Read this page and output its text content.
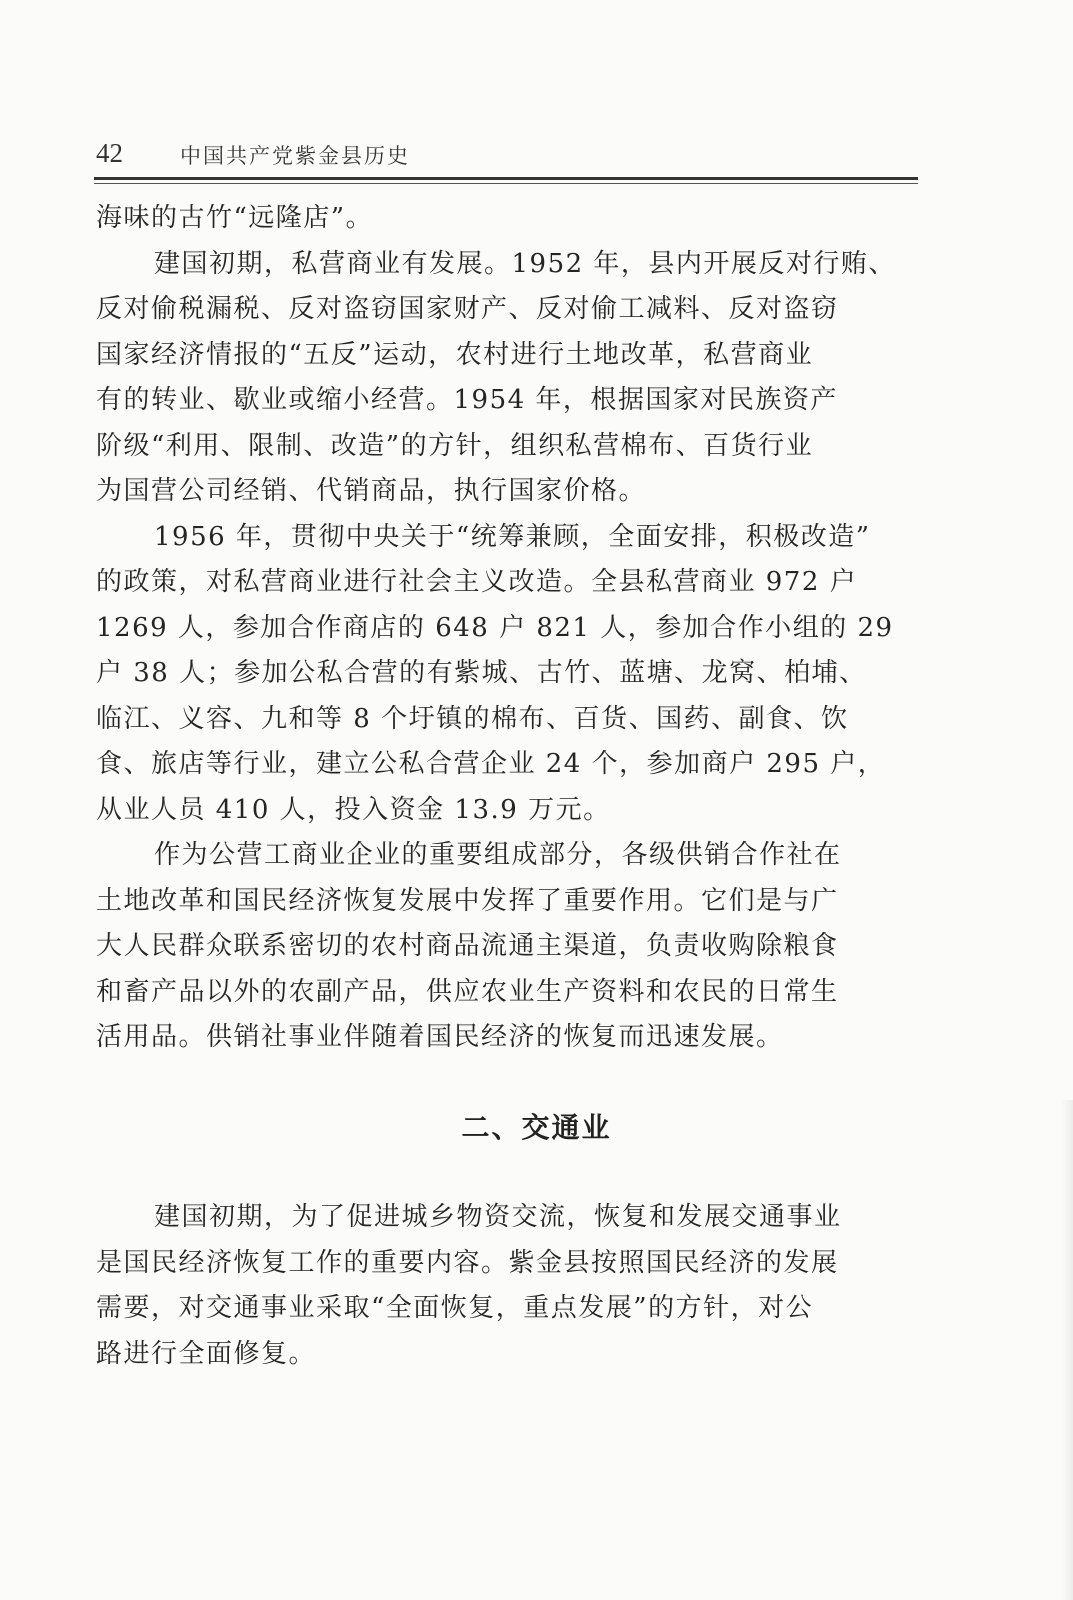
42	中国共产党紫金县历史
海味的古竹“远隆店”。
建国初期，私营商业有发展。1952 年，县内开展反对行贿、
反对偷税漏税、反对盗窃国家财产、反对偷工减料、反对盗窃
国家经济情报的“五反”运动，农村进行土地改革，私营商业
有的转业、歇业或缩小经营。1954 年，根据国家对民族资产
阶级“利用、限制、改造”的方针，组织私营棉布、百货行业
为国营公司经销、代销商品，执行国家价格。
1956 年，贯彻中央关于“统筹兼顾，全面安排，积极改造”
的政策，对私营商业进行社会主义改造。全县私营商业 972 户
1269 人，参加合作商店的 648 户 821 人，参加合作小组的 29
户 38 人；参加公私合营的有紫城、古竹、蓝塘、龙窝、柏埔、
临江、义容、九和等 8 个圩镇的棉布、百货、国药、副食、饮
食、旅店等行业，建立公私合营企业 24 个，参加商户 295 户，
从业人员 410 人，投入资金 13.9 万元。
作为公营工商业企业的重要组成部分，各级供销合作社在
土地改革和国民经济恢复发展中发挥了重要作用。它们是与广
大人民群众联系密切的农村商品流通主渠道，负责收购除粮食
和畜产品以外的农副产品，供应农业生产资料和农民的日常生
活用品。供销社事业伴随着国民经济的恢复而迅速发展。
二、交通业
建国初期，为了促进城乡物资交流，恢复和发展交通事业
是国民经济恢复工作的重要内容。紫金县按照国民经济的发展
需要，对交通事业采取“全面恢复，重点发展”的方针，对公
路进行全面修复。
